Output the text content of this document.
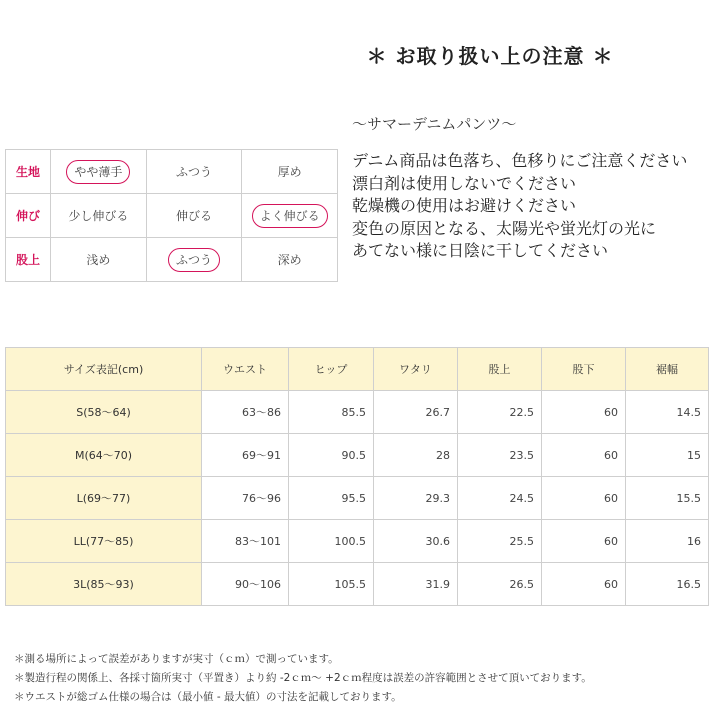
＊ お取り扱い上の注意 ＊
～サマーデニムパンツ～
デニム商品は色落ち、色移りにご注意ください
漂白剤は使用しないでください
乾燥機の使用はお避けください
変色の原因となる、太陽光や蛍光灯の光に
あてない様に日陰に干してください
生地	やや薄手	ふつう	厚め
伸び	少し伸びる	伸びる	よく伸びる
股上	浅め	ふつう	深め
サイズ表記(cm)	ウエスト	ヒップ	ワタリ	股上	股下	裾幅
S(58～64)	63～86	85.5	26.7	22.5	60	14.5
M(64～70)	69～91	90.5	28	23.5	60	15
L(69～77)	76～96	95.5	29.3	24.5	60	15.5
LL(77～85)	83～101	100.5	30.6	25.5	60	16
3L(85～93)	90～106	105.5	31.9	26.5	60	16.5
＊測る場所によって誤差がありますが実寸（ｃｍ）で測っています。
＊製造行程の関係上、各採寸箇所実寸（平置き）より約 -2ｃｍ～ +2ｃｍ程度は誤差の許容範囲とさせて頂いております。
＊ウエストが総ゴム仕様の場合は（最小値 - 最大値）の寸法を記載しております。
